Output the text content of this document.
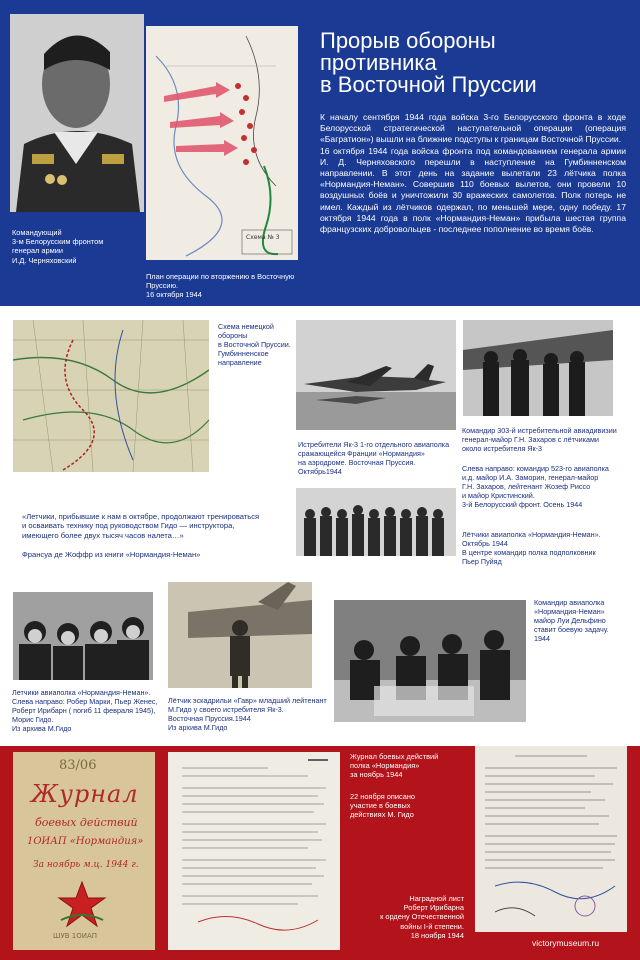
Командующий
3-м Белорусским фронтом
генерал армии
И.Д. Черняховский
Схема № 3
План операции по вторжению в Восточную Пруссию.
16 октября 1944
Прорыв обороны
противника
в Восточной Пруссии
К началу сентября 1944 года войска 3-го Белорусского фронта в ходе Белорусской стратегической наступательной операции (операция «Багратион») вышли на ближние подступы к границам Восточной Пруссии.
16 октября 1944 года войска фронта под командованием генерала армии И. Д. Черняховского перешли в наступление на Гумбинненском направлении. В этот день на задание вылетали 23 лётчика полка «Нормандия-Неман». Совершив 110 боевых вылетов, они провели 10 воздушных боёв и уничтожили 30 вражеских самолетов. Полк потерь не имел. Каждый из лётчиков одержал, по меньшей мере, одну победу. 17 октября 1944 года в полк «Нормандия-Неман» прибыла шестая группа французских добровольцев - последнее пополнение во время боёв.
Схема немецкой
обороны
в Восточной Пруссии.
Гумбинненское
направление
Истребители Як-3 1-го отдельного авиаполка
сражающейся Франции «Нормандия»
на аэродроме. Восточная Пруссия.
Октябрь1944
Командир 303-й истребительной авиадивизии
генерал-майор Г.Н. Захаров с лётчиками
около истребителя Як-3
Слева направо: командир 523-го авиаполка
и.д. майор И.А. Заморин, генерал-майор
Г.Н. Захаров, лейтенант Жозеф Риссо
и майор Кристинский.
3-й Белорусский фронт. Осень 1944
«Летчики, прибывшие к нам в октябре, продолжают тренироваться
и осваивать технику под руководством Гидо — инструктора,
имеющего более двух тысяч часов налета…»
Франсуа де Жоффр из книги «Нормандия-Неман»
Лётчики авиаполка «Нормандия-Неман».
Октябрь 1944
В центре командир полка подполковник
Пьер Пуйяд
Летчики авиаполка «Нормандия-Неман».
Слева направо: Робер Марки, Пьер Женес,
Роберт Ирибарн ( погиб 11 февраля 1945),
Морис Гидо.
Из архива М.Гидо
Лётчик эскадрильи «Гавр» младший лейтенант
М.Гидо у своего истребителя Як-3.
Восточная Пруссия.1944
Из архива М.Гидо
Командир авиаполка
«Нормандия-Неман»
майор Луи Дельфино
ставит боевую задачу.
1944
83/06
Журнал
боевых действий
1ОИАП «Нормандия»
За ноябрь м.ц. 1944 г.
ШУВ 1ОИАП
Журнал боевых действий
полка «Нормандия»
за ноябрь 1944
22 ноября описано
участие в боевых
действиях М. Гидо
Наградной лист
Роберт Ирибарна
к ордену Отечественной
войны I-й степени.
18 ноября 1944
victorymuseum.ru
